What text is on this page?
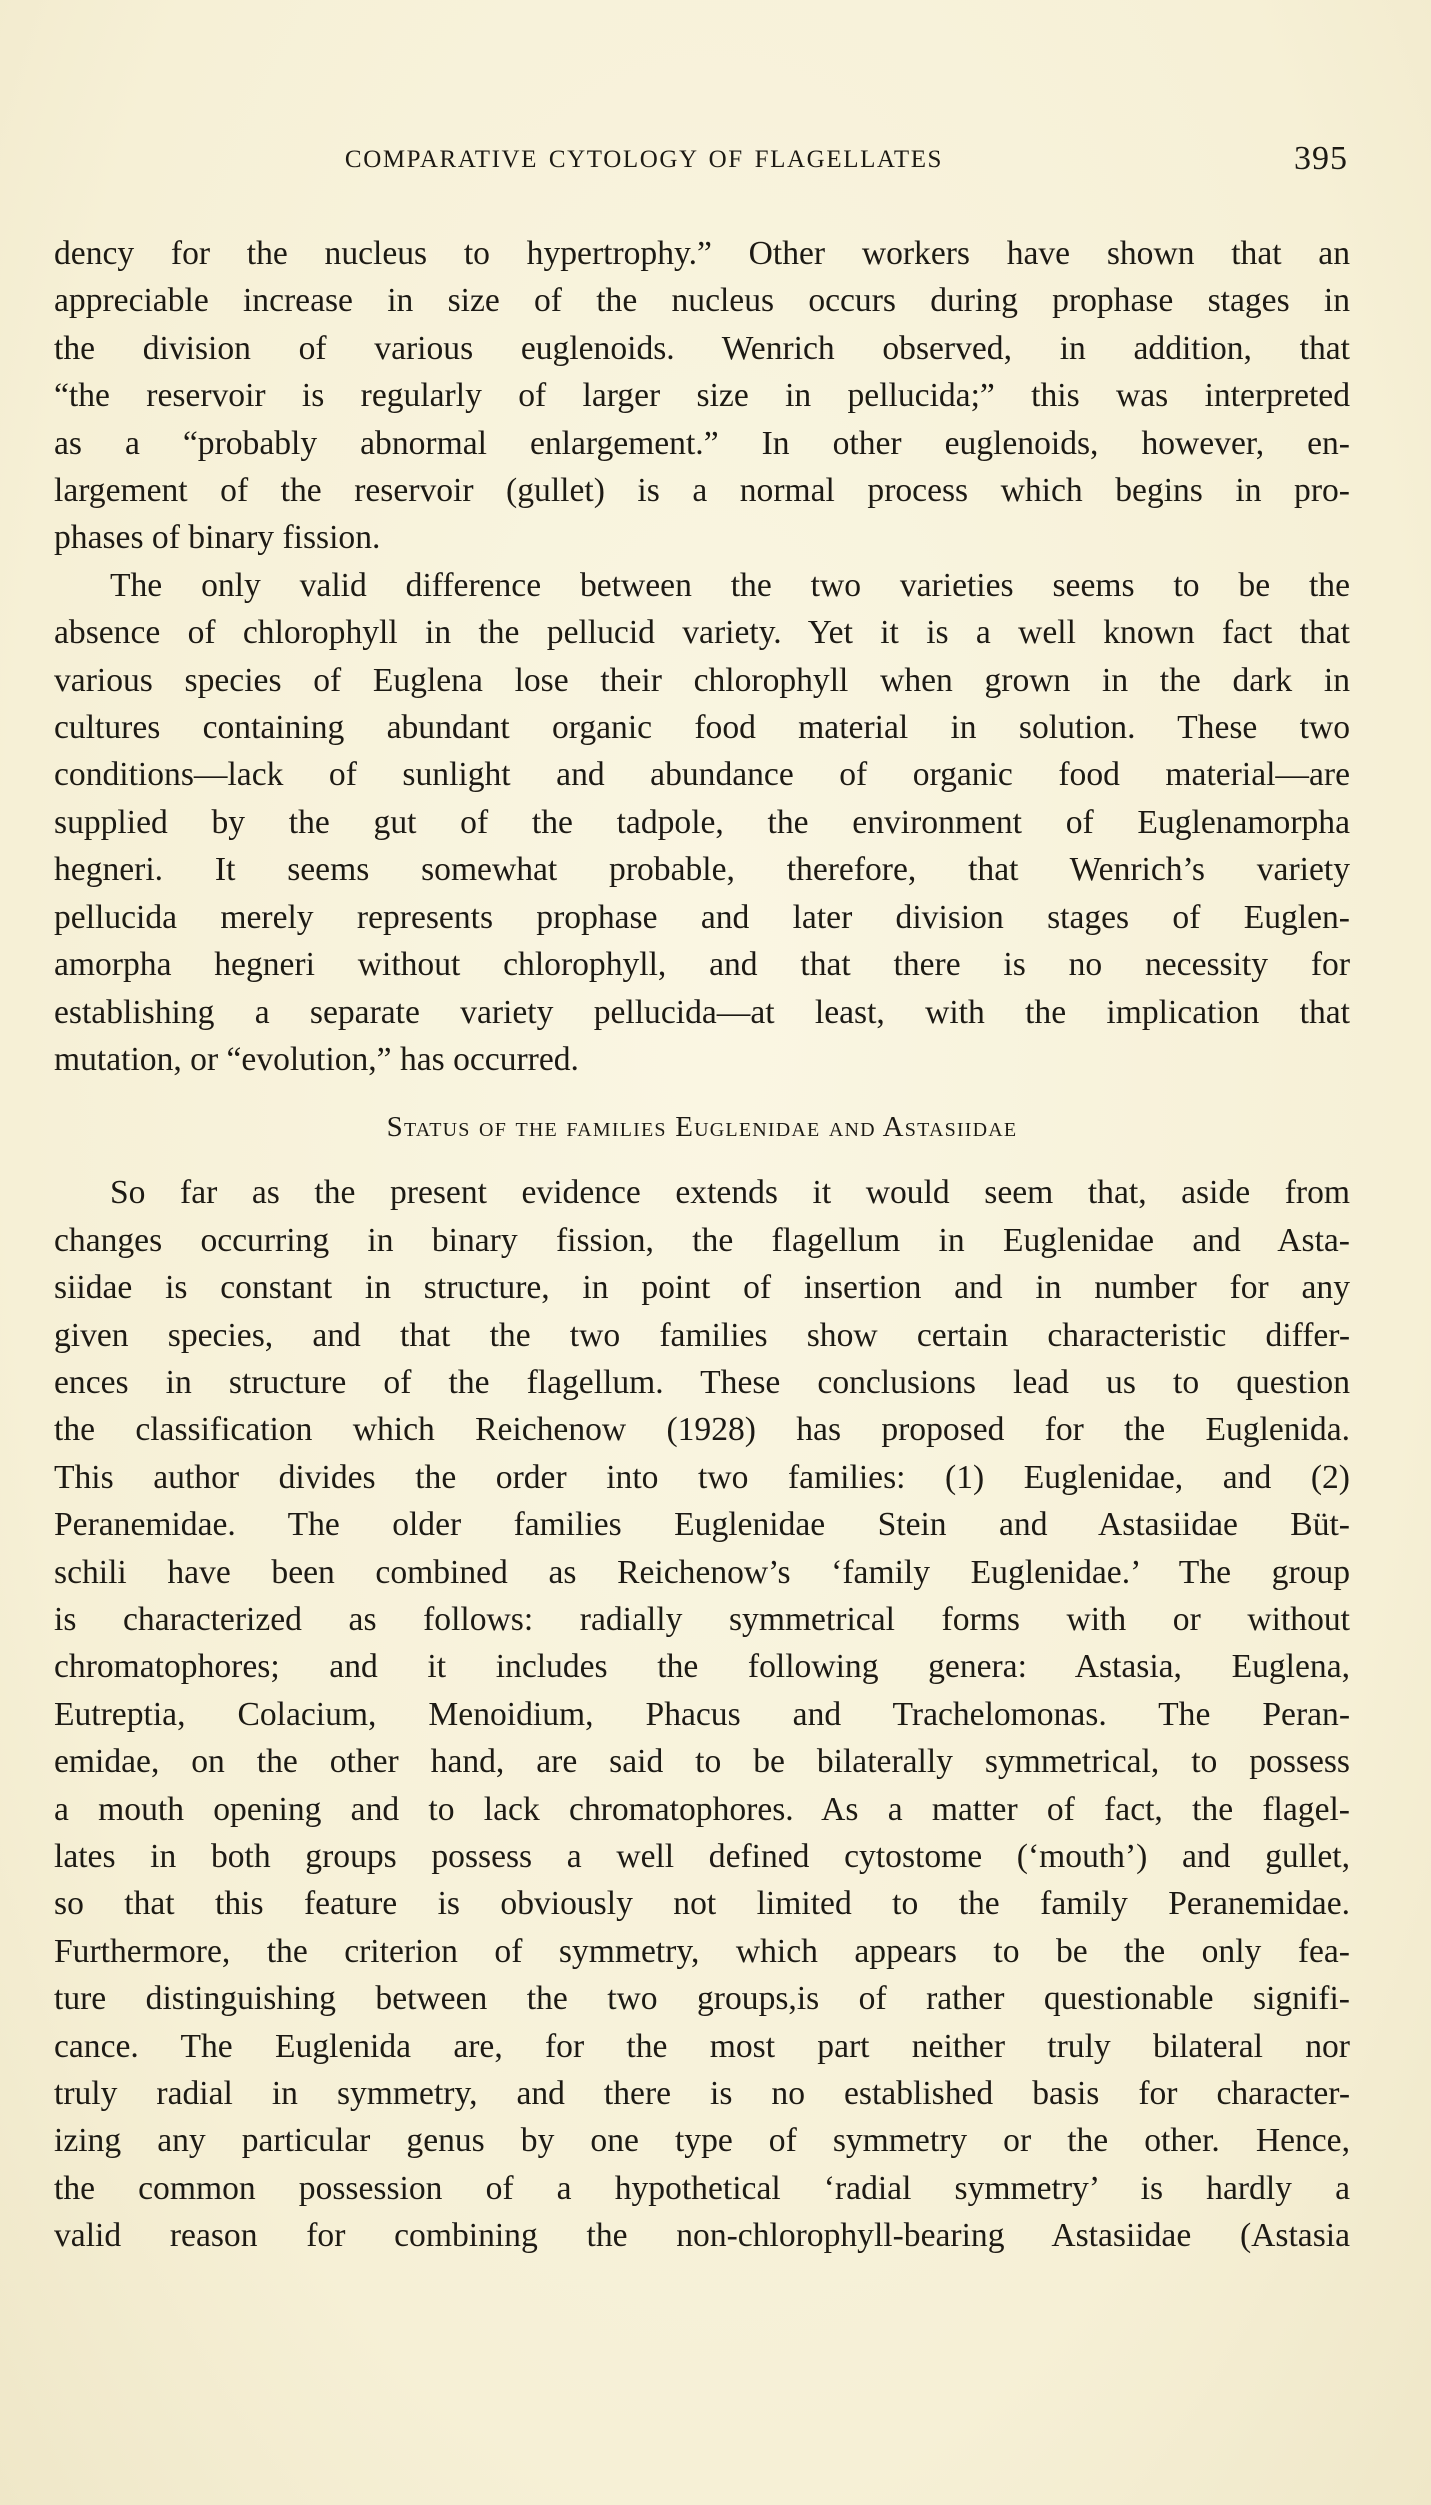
COMPARATIVE CYTOLOGY OF FLAGELLATES	395
dency for the nucleus to hypertrophy.” Other workers have shown that an
appreciable increase in size of the nucleus occurs during prophase stages in
the division of various euglenoids. Wenrich observed, in addition, that
“the reservoir is regularly of larger size in pellucida;” this was interpreted
as a “probably abnormal enlargement.” In other euglenoids, however, en-
largement of the reservoir (gullet) is a normal process which begins in pro-
phases of binary fission.
The only valid difference between the two varieties seems to be the
absence of chlorophyll in the pellucid variety. Yet it is a well known fact that
various species of Euglena lose their chlorophyll when grown in the dark in
cultures containing abundant organic food material in solution. These two
conditions—lack of sunlight and abundance of organic food material—are
supplied by the gut of the tadpole, the environment of Euglenamorpha
hegneri. It seems somewhat probable, therefore, that Wenrich’s variety
pellucida merely represents prophase and later division stages of Euglen-
amorpha hegneri without chlorophyll, and that there is no necessity for
establishing a separate variety pellucida—at least, with the implication that
mutation, or “evolution,” has occurred.
Status of the families Euglenidae and Astasiidae
So far as the present evidence extends it would seem that, aside from
changes occurring in binary fission, the flagellum in Euglenidae and Asta-
siidae is constant in structure, in point of insertion and in number for any
given species, and that the two families show certain characteristic differ-
ences in structure of the flagellum. These conclusions lead us to question
the classification which Reichenow (1928) has proposed for the Euglenida.
This author divides the order into two families: (1) Euglenidae, and (2)
Peranemidae. The older families Euglenidae Stein and Astasiidae Büt-
schili have been combined as Reichenow’s ‘family Euglenidae.’ The group
is characterized as follows: radially symmetrical forms with or without
chromatophores; and it includes the following genera: Astasia, Euglena,
Eutreptia, Colacium, Menoidium, Phacus and Trachelomonas. The Peran-
emidae, on the other hand, are said to be bilaterally symmetrical, to possess
a mouth opening and to lack chromatophores. As a matter of fact, the flagel-
lates in both groups possess a well defined cytostome (‘mouth’) and gullet,
so that this feature is obviously not limited to the family Peranemidae.
Furthermore, the criterion of symmetry, which appears to be the only fea-
ture distinguishing between the two groups,is of rather questionable signifi-
cance. The Euglenida are, for the most part neither truly bilateral nor
truly radial in symmetry, and there is no established basis for character-
izing any particular genus by one type of symmetry or the other. Hence,
the common possession of a hypothetical ‘radial symmetry’ is hardly a
valid reason for combining the non-chlorophyll-bearing Astasiidae (Astasia
